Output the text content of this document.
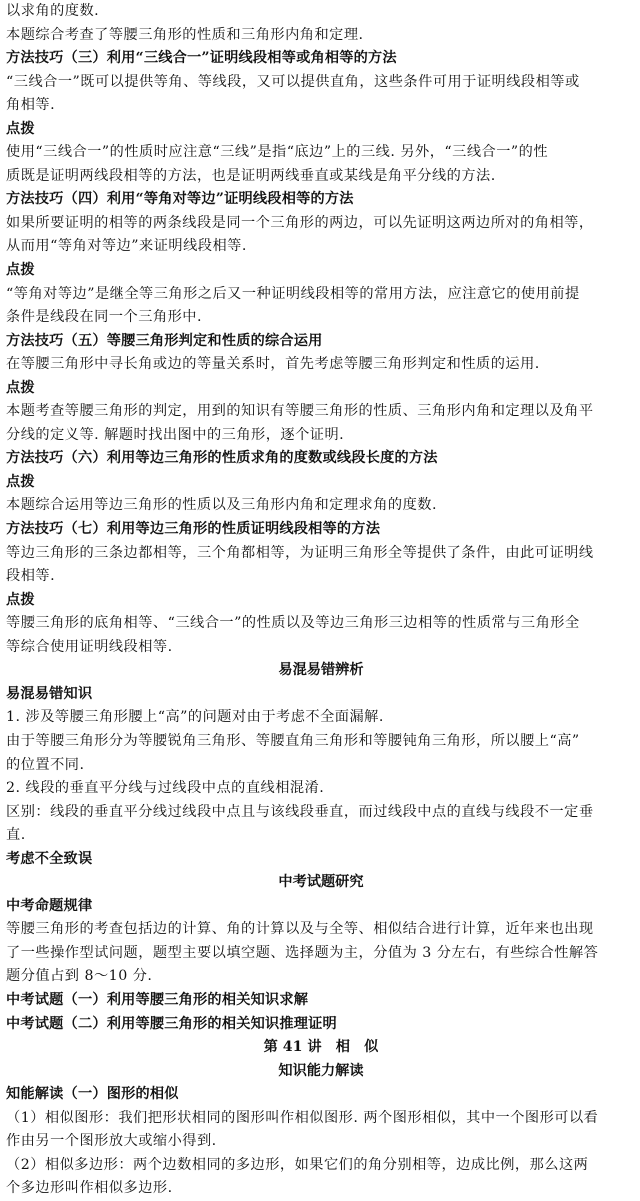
以求角的度数.
本题综合考查了等腰三角形的性质和三角形内角和定理.
方法技巧（三）利用“三线合一”证明线段相等或角相等的方法
“三线合一”既可以提供等角、等线段，又可以提供直角，这些条件可用于证明线段相等或
角相等.
点拨
使用“三线合一”的性质时应注意“三线”是指“底边”上的三线. 另外，“三线合一”的性
质既是证明两线段相等的方法，也是证明两线垂直或某线是角平分线的方法.
方法技巧（四）利用“等角对等边”证明线段相等的方法
如果所要证明的相等的两条线段是同一个三角形的两边，可以先证明这两边所对的角相等，
从而用“等角对等边”来证明线段相等.
点拨
“等角对等边”是继全等三角形之后又一种证明线段相等的常用方法，应注意它的使用前提
条件是线段在同一个三角形中.
方法技巧（五）等腰三角形判定和性质的综合运用
在等腰三角形中寻长角或边的等量关系时，首先考虑等腰三角形判定和性质的运用.
点拨
本题考查等腰三角形的判定，用到的知识有等腰三角形的性质、三角形内角和定理以及角平
分线的定义等. 解题时找出图中的三角形，逐个证明.
方法技巧（六）利用等边三角形的性质求角的度数或线段长度的方法
点拨
本题综合运用等边三角形的性质以及三角形内角和定理求角的度数.
方法技巧（七）利用等边三角形的性质证明线段相等的方法
等边三角形的三条边都相等，三个角都相等，为证明三角形全等提供了条件，由此可证明线
段相等.
点拨
等腰三角形的底角相等、“三线合一”的性质以及等边三角形三边相等的性质常与三角形全
等综合使用证明线段相等.
易混易错辨析
易混易错知识
1. 涉及等腰三角形腰上“高”的问题对由于考虑不全面漏解.
由于等腰三角形分为等腰锐角三角形、等腰直角三角形和等腰钝角三角形，所以腰上“高”
的位置不同.
2. 线段的垂直平分线与过线段中点的直线相混淆.
区别：线段的垂直平分线过线段中点且与该线段垂直，而过线段中点的直线与线段不一定垂
直.
考虑不全致误
中考试题研究
中考命题规律
等腰三角形的考查包括边的计算、角的计算以及与全等、相似结合进行计算，近年来也出现
了一些操作型试问题，题型主要以填空题、选择题为主，分值为 3 分左右，有些综合性解答
题分值占到 8～10 分.
中考试题（一）利用等腰三角形的相关知识求解
中考试题（二）利用等腰三角形的相关知识推理证明
第 41 讲　相　似
知识能力解读
知能解读（一）图形的相似
（1）相似图形：我们把形状相同的图形叫作相似图形. 两个图形相似，其中一个图形可以看
作由另一个图形放大或缩小得到.
（2）相似多边形：两个边数相同的多边形，如果它们的角分别相等，边成比例，那么这两
个多边形叫作相似多边形.
